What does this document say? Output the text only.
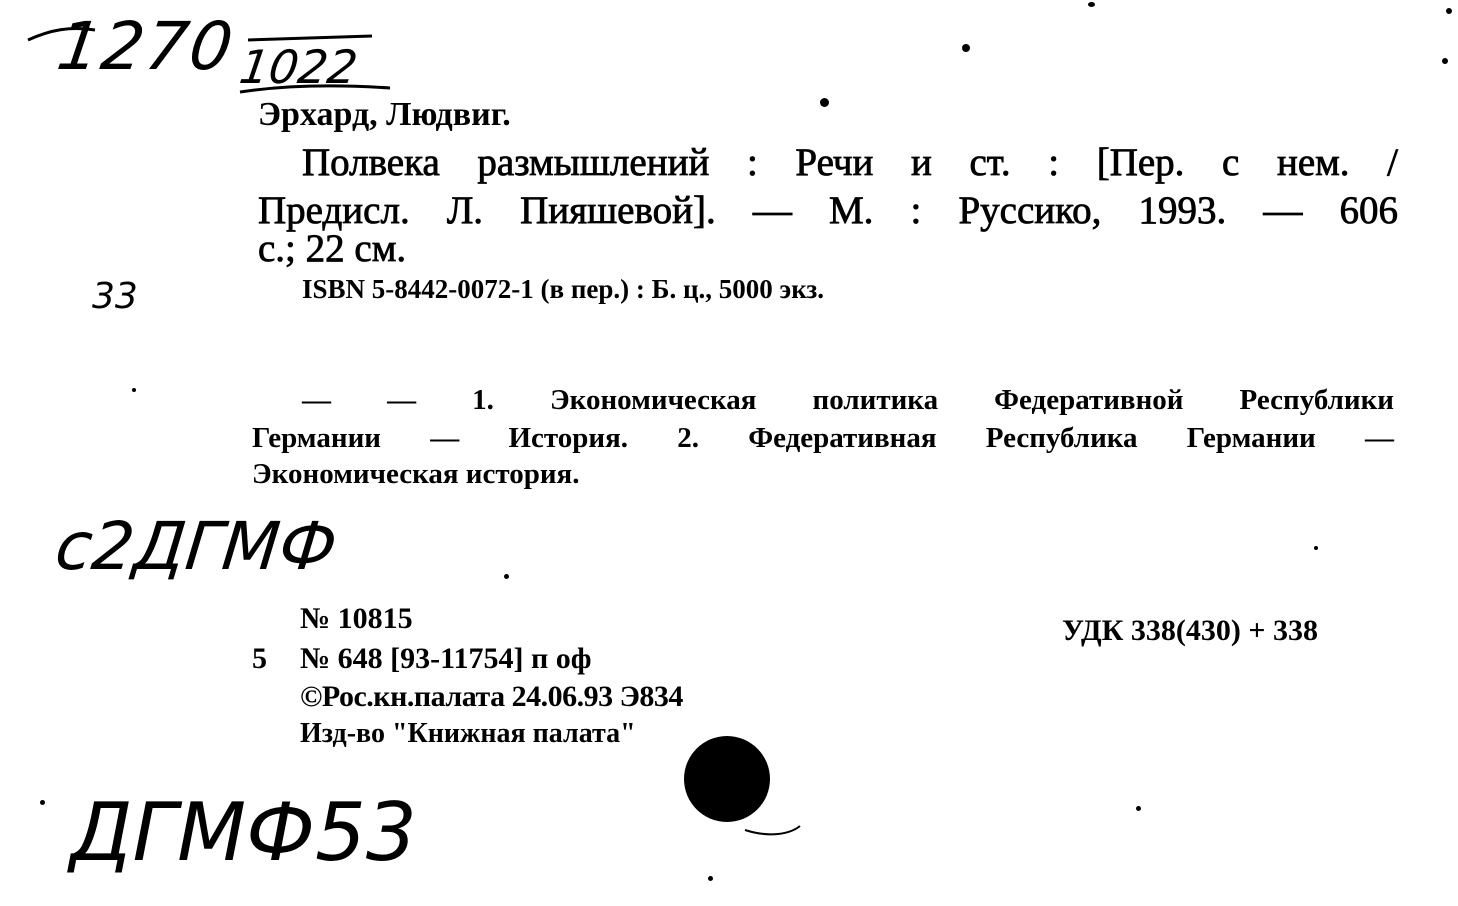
1270
1022
Эрхард, Людвиг.
Полвека размышлений : Речи и ст. : [Пер. с нем. /
Предисл. Л. Пияшевой]. — М. : Руссико, 1993. — 606
с.; 22 см.
ISBN 5-8442-0072-1 (в пер.) : Б. ц., 5000 экз.
33
— — 1. Экономическая политика Федеративной Республики
Германии — История. 2. Федеративная Республика Германии —
Экономическая история.
с2ДГМФ
№ 10815	УДК 338(430) + 338
5 № 648 [93-11754] п оф
©Рос.кн.палата 24.06.93 Э834
Изд-во "Книжная палата"
ДГМФ53
